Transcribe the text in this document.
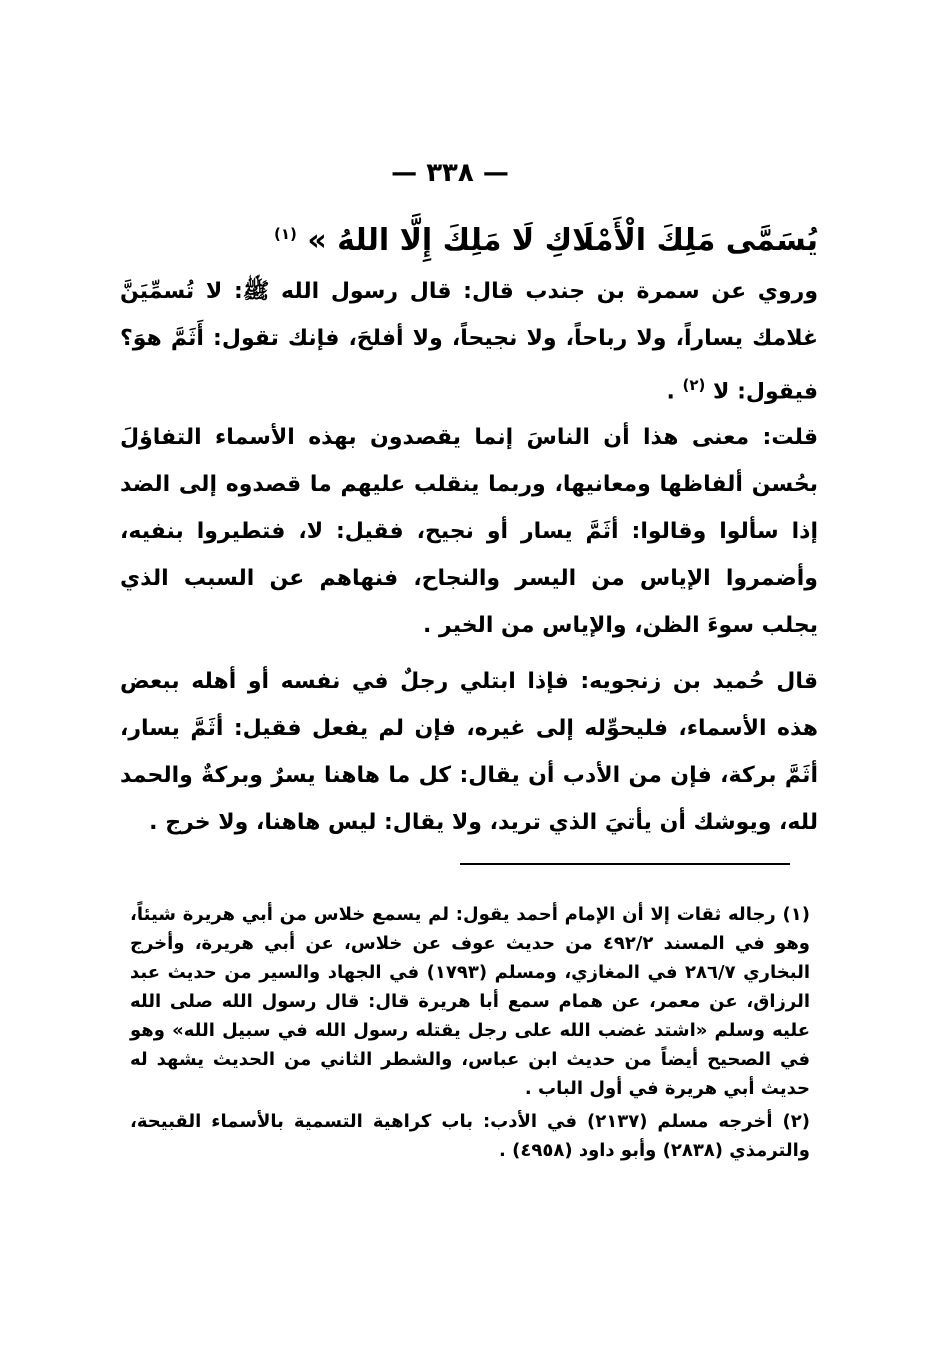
— ٣٣٨ —
يُسَمَّى مَلِكَ الْأَمْلَاكِ لَا مَلِكَ إِلَّا اللهُ » $^{(١)}$
وروي عن سمرة بن جندب قال: قال رسول الله ﷺ: لا تُسمِّيَنَّ غلامك يساراً، ولا رباحاً، ولا نجيحاً، ولا أفلحَ، فإنك تقول: أَثَمَّ هوَ؟ فيقول: لا $^{(٢)}$ .
قلت: معنى هذا أن الناسَ إنما يقصدون بهذه الأسماء التفاؤلَ بحُسن ألفاظها ومعانيها، وربما ينقلب عليهم ما قصدوه إلى الضد إذا سألوا وقالوا: أثَمَّ يسار أو نجيح، فقيل: لا، فتطيروا بنفيه، وأضمروا الإياس من اليسر والنجاح، فنهاهم عن السبب الذي يجلب سوءَ الظن، والإياس من الخير .
قال حُميد بن زنجويه: فإذا ابتلي رجلٌ في نفسه أو أهله ببعض هذه الأسماء، فليحوِّله إلى غيره، فإن لم يفعل فقيل: أثَمَّ يسار، أثَمَّ بركة، فإن من الأدب أن يقال: كل ما هاهنا يسرٌ وبركةٌ والحمد لله، ويوشك أن يأتيَ الذي تريد، ولا يقال: ليس هاهنا، ولا خرج .

(١) رجاله ثقات إلا أن الإمام أحمد يقول: لم يسمع خلاس من أبي هريرة شيئاً، وهو في المسند ٤٩٢/٢ من حديث عوف عن خلاس، عن أبي هريرة، وأخرج البخاري ٢٨٦/٧ في المغازي، ومسلم (١٧٩٣) في الجهاد والسير من حديث عبد الرزاق، عن معمر، عن همام سمع أبا هريرة قال: قال رسول الله صلى الله عليه وسلم «اشتد غضب الله على رجل يقتله رسول الله في سبيل الله» وهو في الصحيح أيضاً من حديث ابن عباس، والشطر الثاني من الحديث يشهد له حديث أبي هريرة في أول الباب .

(٢) أخرجه مسلم (٢١٣٧) في الأدب: باب كراهية التسمية بالأسماء القبيحة، والترمذي (٢٨٣٨) وأبو داود (٤٩٥٨) .
